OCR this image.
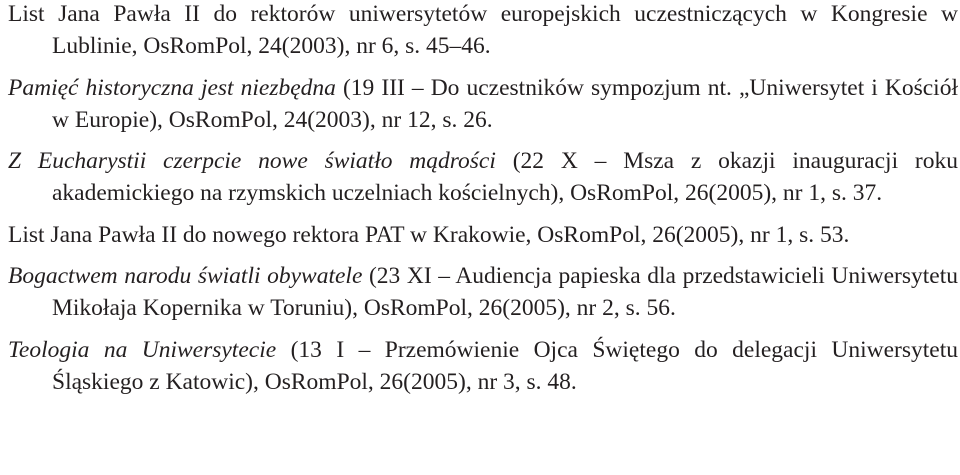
List Jana Pawła II do rektorów uniwersytetów europejskich uczestniczących w Kongresie w Lublinie, OsRomPol, 24(2003), nr 6, s. 45–46.

Pamięć historyczna jest niezbędna (19 III – Do uczestników sympozjum nt. „Uniwersytet i Kościół w Europie), OsRomPol, 24(2003), nr 12, s. 26.

Z Eucharystii czerpcie nowe światło mądrości (22 X – Msza z okazji inauguracji roku akademickiego na rzymskich uczelniach kościelnych), OsRomPol, 26(2005), nr 1, s. 37.

List Jana Pawła II do nowego rektora PAT w Krakowie, OsRomPol, 26(2005), nr 1, s. 53.

Bogactwem narodu światli obywatele (23 XI – Audiencja papieska dla przedstawicieli Uniwersytetu Mikołaja Kopernika w Toruniu), OsRomPol, 26(2005), nr 2, s. 56.

Teologia na Uniwersytecie (13 I – Przemówienie Ojca Świętego do delegacji Uniwersytetu Śląskiego z Katowic), OsRomPol, 26(2005), nr 3, s. 48.
